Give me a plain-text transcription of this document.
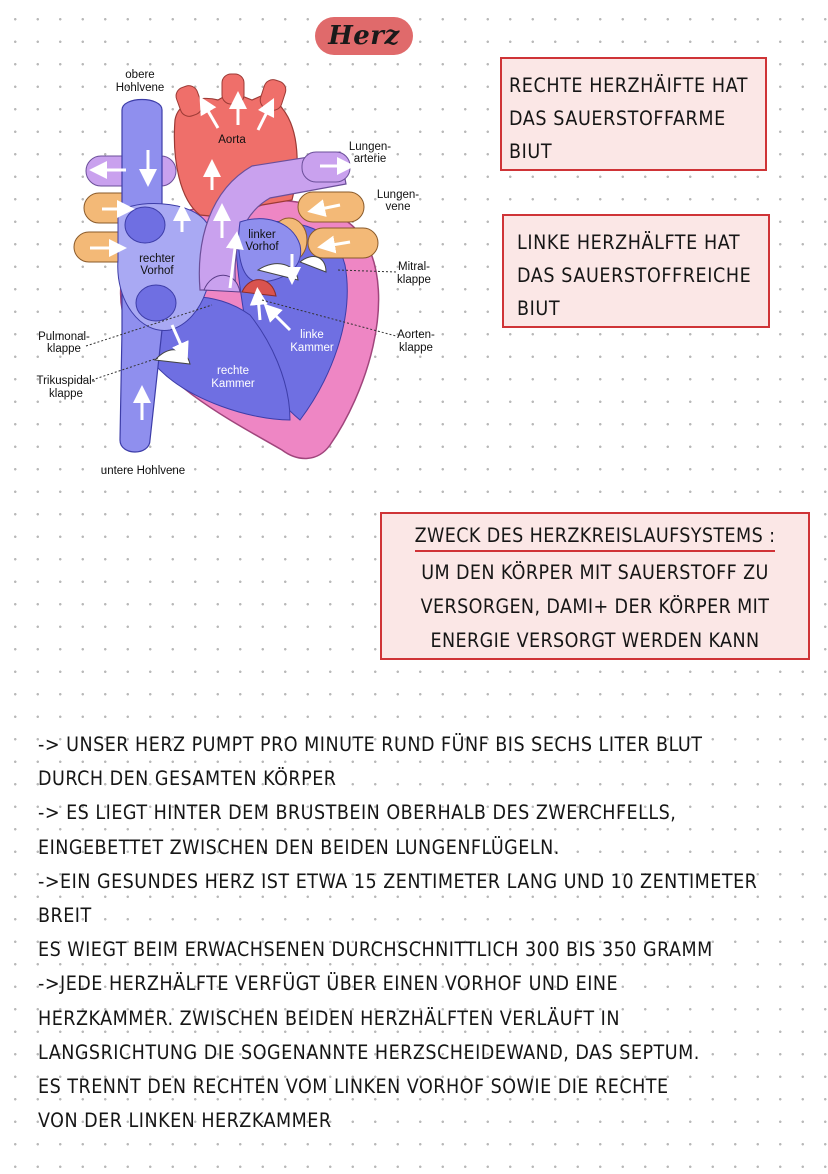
Herz
obere
Hohlvene
Aorta
Lungen-
arterie
Lungen-
vene
linker
Vorhof
rechter
Vorhof	Mitral-
klappe
Pulmonal-
klappe
linke
Kammer
Aorten-
klappe
rechte
Kammer
Trikuspidal-
klappe
untere Hohlvene
RECHTE HERZHÄIFTE HAT
DAS SAUERSTOFFARME
BIUT
LINKE HERZHÄLFTE HAT
DAS SAUERSTOFFREICHE
BIUT
ZWECK DES HERZKREISLAUFSYSTEMS :
UM DEN KÖRPER MIT SAUERSTOFF ZU
VERSORGEN, DAMI+ DER KÖRPER MIT
ENERGIE VERSORGT WERDEN KANN
-> UNSER HERZ PUMPT PRO MINUTE RUND FÜNF BIS SECHS LITER BLUT
DURCH DEN GESAMTEN KÖRPER
-> ES LIEGT HINTER DEM BRUSTBEIN OBERHALB DES ZWERCHFELLS,
EINGEBETTET ZWISCHEN DEN BEIDEN LUNGENFLÜGELN.
->EIN GESUNDES HERZ IST ETWA 15 ZENTIMETER LANG UND 10 ZENTIMETER
BREIT
ES WIEGT BEIM ERWACHSENEN DURCHSCHNITTLICH 300 BIS 350 GRAMM
->JEDE HERZHÄLFTE VERFÜGT ÜBER EINEN VORHOF UND EINE
HERZKAMMER. ZWISCHEN BEIDEN HERZHÄLFTEN VERLÄUFT IN
LANGSRICHTUNG DIE SOGENANNTE HERZSCHEIDEWAND, DAS SEPTUM.
ES TRENNT DEN RECHTEN VOM LINKEN VORHOF SOWIE DIE RECHTE
VON DER LINKEN HERZKAMMER
